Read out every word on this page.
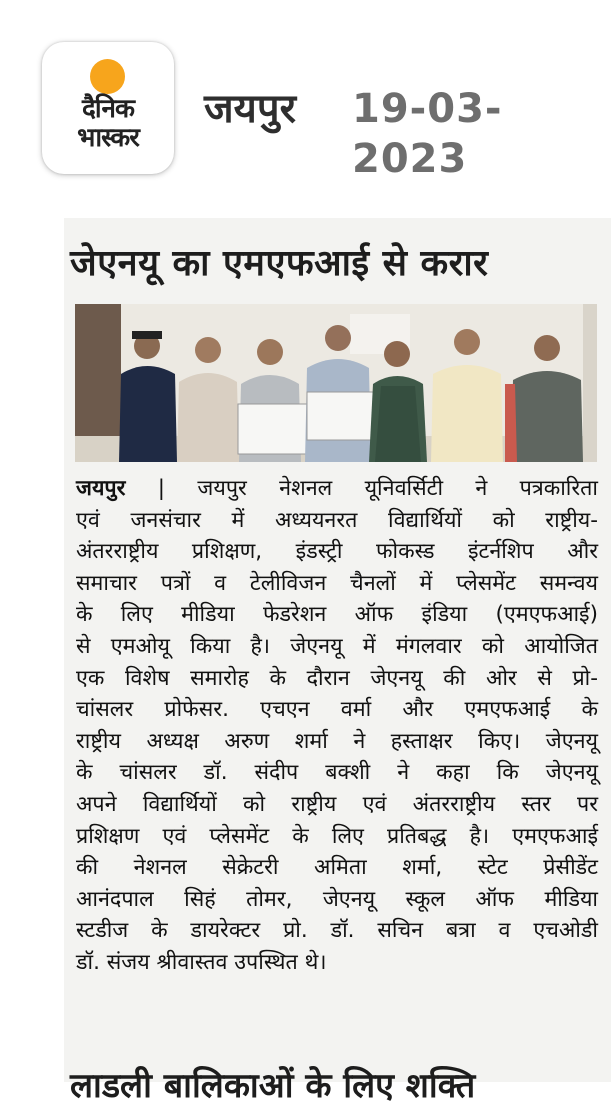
दैनिक
भास्कर
जयपुर 19-03-2023
जेएनयू का एमएफआई से करार
जयपुर | जयपुर नेशनल यूनिवर्सिटी ने पत्रकारिता
एवं जनसंचार में अध्ययनरत विद्यार्थियों को राष्ट्रीय-
अंतरराष्ट्रीय प्रशिक्षण, इंडस्ट्री फोकस्ड इंटर्नशिप और
समाचार पत्रों व टेलीविजन चैनलों में प्लेसमेंट समन्वय
के लिए मीडिया फेडरेशन ऑफ इंडिया (एमएफआई)
से एमओयू किया है। जेएनयू में मंगलवार को आयोजित
एक विशेष समारोह के दौरान जेएनयू की ओर से प्रो-
चांसलर प्रोफेसर. एचएन वर्मा और एमएफआई के
राष्ट्रीय अध्यक्ष अरुण शर्मा ने हस्ताक्षर किए। जेएनयू
के चांसलर डॉ. संदीप बक्शी ने कहा कि जेएनयू
अपने विद्यार्थियों को राष्ट्रीय एवं अंतरराष्ट्रीय स्तर पर
प्रशिक्षण एवं प्लेसमेंट के लिए प्रतिबद्ध है। एमएफआई
की नेशनल सेक्रेटरी अमिता शर्मा, स्टेट प्रेसीडेंट
आनंदपाल सिहं तोमर, जेएनयू स्कूल ऑफ मीडिया
स्टडीज के डायरेक्टर प्रो. डॉ. सचिन बत्रा व एचओडी
डॉ. संजय श्रीवास्तव उपस्थित थे।
लाडली बालिकाओं के लिए शक्ति
